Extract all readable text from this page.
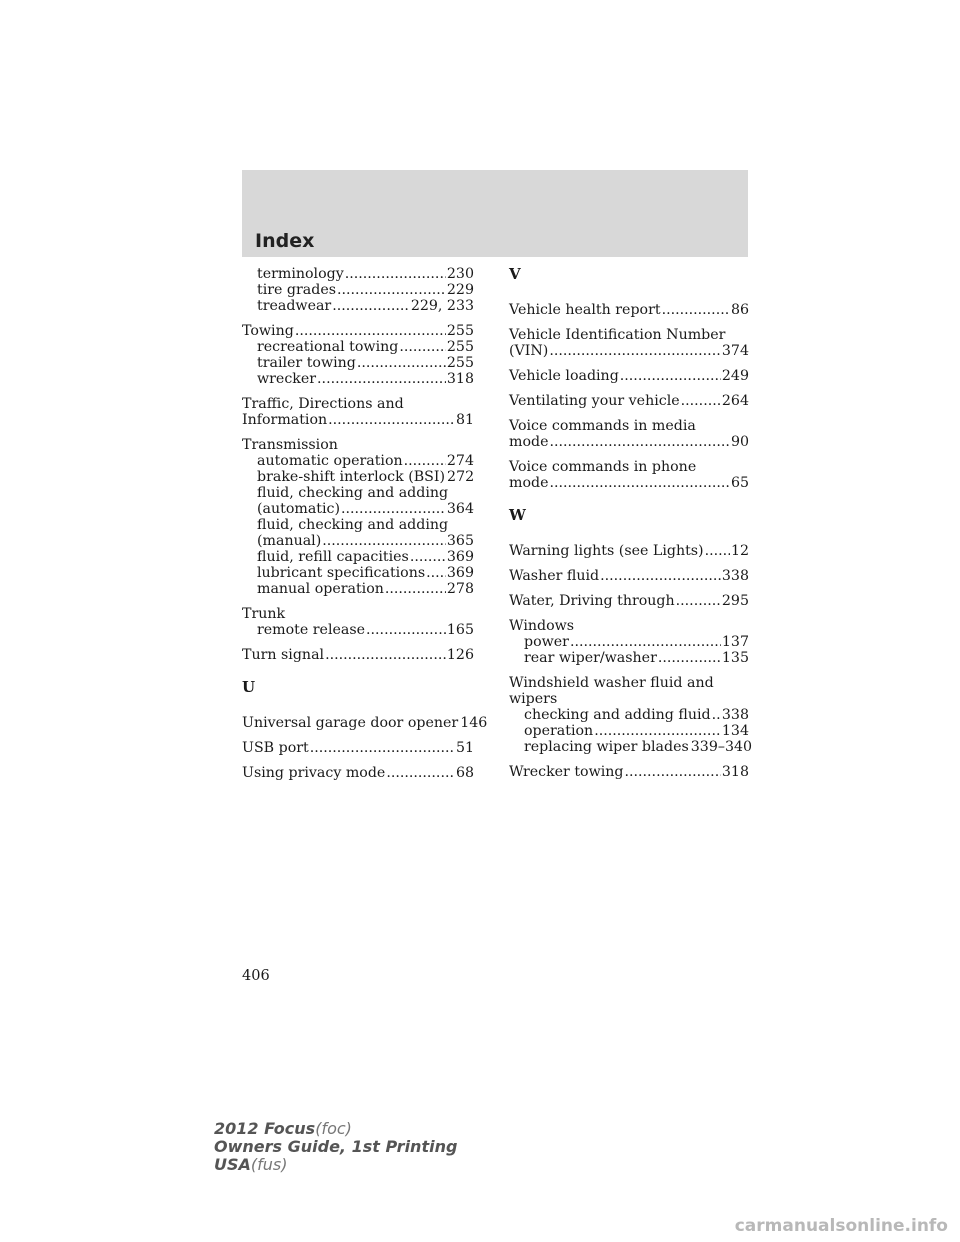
Index
terminology .....	230
tire grades .....	229
treadwear .....	229, 233
Towing .....	255
recreational towing .....	255
trailer towing .....	255
wrecker .....	318
Traffic, Directions and
Information .....	81
Transmission
automatic operation .....	274
brake-shift interlock (BSI) 272
fluid, checking and adding
(automatic) .....	364
fluid, checking and adding
(manual) .....	365
fluid, refill capacities .....	369
lubricant specifications ..... 369
manual operation .....	278
Trunk
remote release .....	165
Turn signal .....	126
U
Universal garage door opener 146
USB port .....	51
Using privacy mode .....	68
V
Vehicle health report .....	86
Vehicle Identification Number
(VIN) .....	374
Vehicle loading .....	249
Ventilating your vehicle .....	264
Voice commands in media
mode .....	90
Voice commands in phone
mode .....	65
W
Warning lights (see Lights) ..... 12
Washer fluid .....	338
Water, Driving through .....	295
Windows
power .....	137
rear wiper/washer .....	135
Windshield washer fluid and
wipers
checking and adding fluid ..... 338
operation .....	134
replacing wiper blades 339–340
Wrecker towing .....	318
406
2012 Focus(foc)
Owners Guide, 1st Printing
USA(fus)
carmanualsonline.info
